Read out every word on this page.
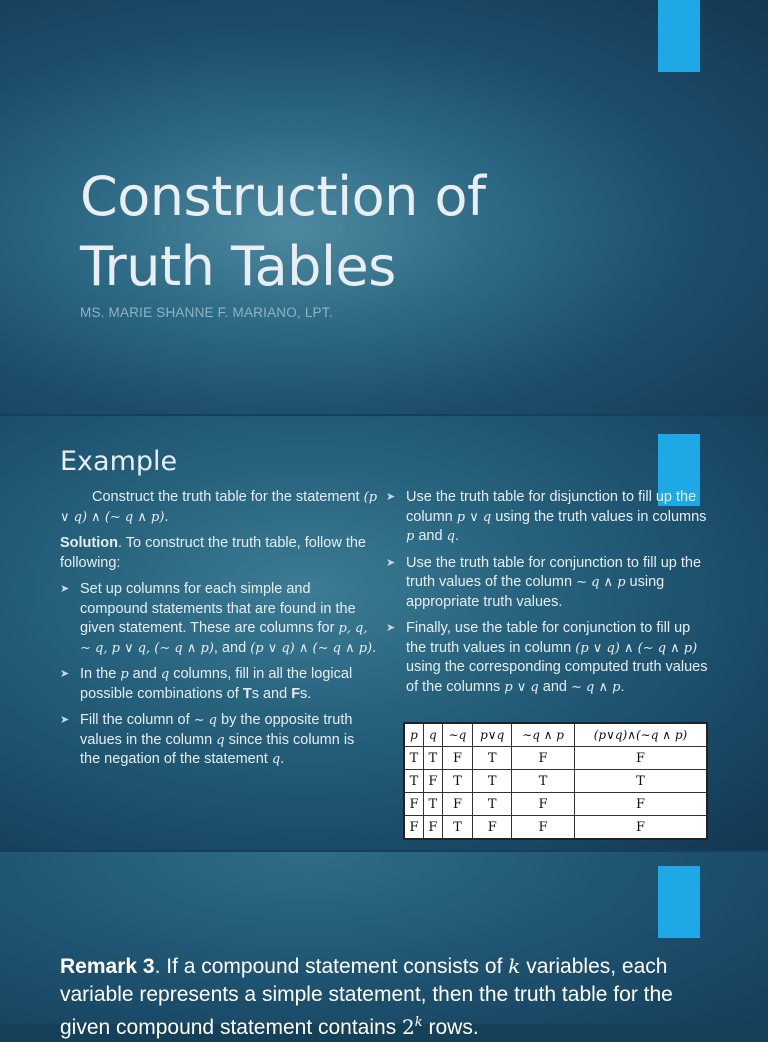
Construction of
Truth Tables

MS. MARIE SHANNE F. MARIANO, LPT.

Example

Construct the truth table for the statement (p ∨ q) ∧ (∼ q ∧ p).

Solution. To construct the truth table, follow the following:

➤ Set up columns for each simple and compound statements that are found in the given statement. These are columns for p, q, ∼ q, p ∨ q, (∼ q ∧ p), and (p ∨ q) ∧ (∼ q ∧ p).
➤ In the p and q columns, fill in all the logical possible combinations of Ts and Fs.
➤ Fill the column of ∼ q by the opposite truth values in the column q since this column is the negation of the statement q.
➤ Use the truth table for disjunction to fill up the column p ∨ q using the truth values in columns p and q.
➤ Use the truth table for conjunction to fill up the truth values of the column ∼ q ∧ p using appropriate truth values.
➤ Finally, use the table for conjunction to fill up the truth values in column (p ∨ q) ∧ (∼ q ∧ p) using the corresponding computed truth values of the columns p ∨ q and ∼ q ∧ p.
p	q	∼q	p∨q	∼q ∧ p	(p∨q)∧(∼q ∧ p)
T	T	F	T	F	F
T	F	T	T	T	T
F	T	F	T	F	F
F	F	T	F	F	F

Remark 3. If a compound statement consists of k variables, each variable represents a simple statement, then the truth table for the given compound statement contains 2$^k$ rows.
